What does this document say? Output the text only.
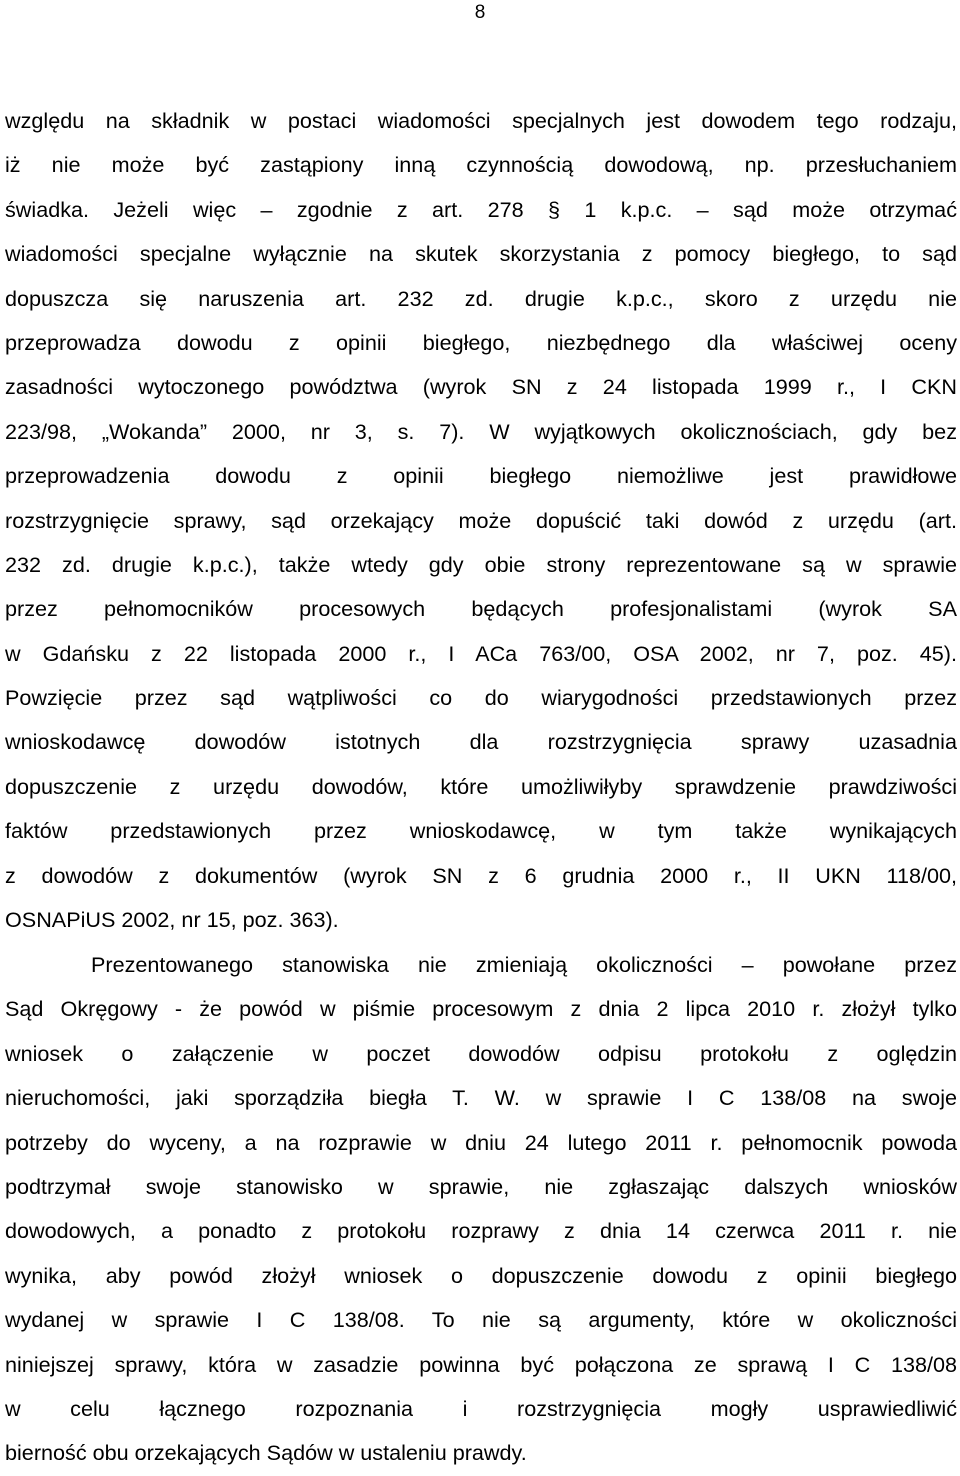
8
względu na składnik w postaci wiadomości specjalnych jest dowodem tego rodzaju,
iż nie może być zastąpiony inną czynnością dowodową, np. przesłuchaniem
świadka. Jeżeli więc – zgodnie z art. 278 § 1 k.p.c. – sąd może otrzymać
wiadomości specjalne wyłącznie na skutek skorzystania z pomocy biegłego, to sąd
dopuszcza się naruszenia art. 232 zd. drugie k.p.c., skoro z urzędu nie
przeprowadza dowodu z opinii biegłego, niezbędnego dla właściwej oceny
zasadności wytoczonego powództwa (wyrok SN z 24 listopada 1999 r., I CKN
223/98, „Wokanda” 2000, nr 3, s. 7). W wyjątkowych okolicznościach, gdy bez
przeprowadzenia dowodu z opinii biegłego niemożliwe jest prawidłowe
rozstrzygnięcie sprawy, sąd orzekający może dopuścić taki dowód z urzędu (art.
232 zd. drugie k.p.c.), także wtedy gdy obie strony reprezentowane są w sprawie
przez pełnomocników procesowych będących profesjonalistami (wyrok SA
w Gdańsku z 22 listopada 2000 r., I ACa 763/00, OSA 2002, nr 7, poz. 45).
Powzięcie przez sąd wątpliwości co do wiarygodności przedstawionych przez
wnioskodawcę dowodów istotnych dla rozstrzygnięcia sprawy uzasadnia
dopuszczenie z urzędu dowodów, które umożliwiłyby sprawdzenie prawdziwości
faktów przedstawionych przez wnioskodawcę, w tym także wynikających
z dowodów z dokumentów (wyrok SN z 6 grudnia 2000 r., II UKN 118/00,
OSNAPiUS 2002, nr 15, poz. 363).
Prezentowanego stanowiska nie zmieniają okoliczności – powołane przez
Sąd Okręgowy - że powód w piśmie procesowym z dnia 2 lipca 2010 r. złożył tylko
wniosek o załączenie w poczet dowodów odpisu protokołu z oględzin
nieruchomości, jaki sporządziła biegła T. W. w sprawie I C 138/08 na swoje
potrzeby do wyceny, a na rozprawie w dniu 24 lutego 2011 r. pełnomocnik powoda
podtrzymał swoje stanowisko w sprawie, nie zgłaszając dalszych wniosków
dowodowych, a ponadto z protokołu rozprawy z dnia 14 czerwca 2011 r. nie
wynika, aby powód złożył wniosek o dopuszczenie dowodu z opinii biegłego
wydanej w sprawie I C 138/08. To nie są argumenty, które w okoliczności
niniejszej sprawy, która w zasadzie powinna być połączona ze sprawą I C 138/08
w celu łącznego rozpoznania i rozstrzygnięcia mogły usprawiedliwić
bierność obu orzekających Sądów w ustaleniu prawdy.
